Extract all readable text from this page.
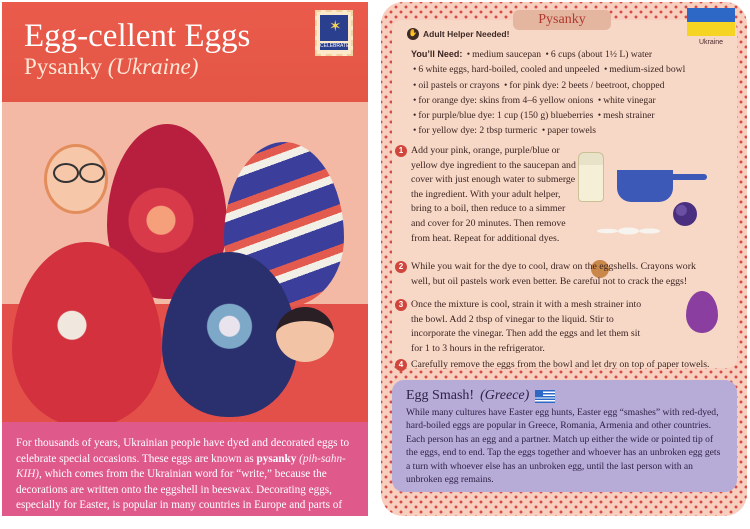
Egg-cellent Eggs
Pysanky (Ukraine)
✶
CELEBRATE
For thousands of years, Ukrainian people have dyed and decorated eggs to celebrate special occasions. These eggs are known as pysanky (pih-sahn-KIH), which comes from the Ukrainian word for “write,” because the decorations are written onto the eggshell in beeswax. Decorating eggs, especially for Easter, is popular in many countries in Europe and parts of Asia.
Pysanky
Ukraine
✋ Adult Helper Needed!
You’ll Need: • medium saucepan • 6 cups (about 1½ L) water
• 6 white eggs, hard-boiled, cooled and unpeeled • medium-sized bowl
• oil pastels or crayons • for pink dye: 2 beets / beetroot, chopped
• for orange dye: skins from 4–6 yellow onions • white vinegar
• for purple/blue dye: 1 cup (150 g) blueberries • mesh strainer
• for yellow dye: 2 tbsp turmeric • paper towels
1 Add your pink, orange, purple/blue or yellow dye ingredient to the saucepan and cover with just enough water to submerge the ingredient. With your adult helper, bring to a boil, then reduce to a simmer and cover for 20 minutes. Then remove from heat. Repeat for additional dyes.
2 While you wait for the dye to cool, draw on the eggshells. Crayons work well, but oil pastels work even better. Be careful not to crack the eggs!
3 Once the mixture is cool, strain it with a mesh strainer into the bowl. Add 2 tbsp of vinegar to the liquid. Stir to incorporate the vinegar. Then add the eggs and let them sit for 1 to 3 hours in the refrigerator.
4 Carefully remove the eggs from the bowl and let dry on top of paper towels.
Egg Smash! (Greece)
While many cultures have Easter egg hunts, Easter egg “smashes” with red-dyed, hard-boiled eggs are popular in Greece, Romania, Armenia and other countries. Each person has an egg and a partner. Match up either the wide or pointed tip of the eggs, end to end. Tap the eggs together and whoever has an unbroken egg gets a turn with whoever else has an unbroken egg, until the last person with an unbroken egg remains.
